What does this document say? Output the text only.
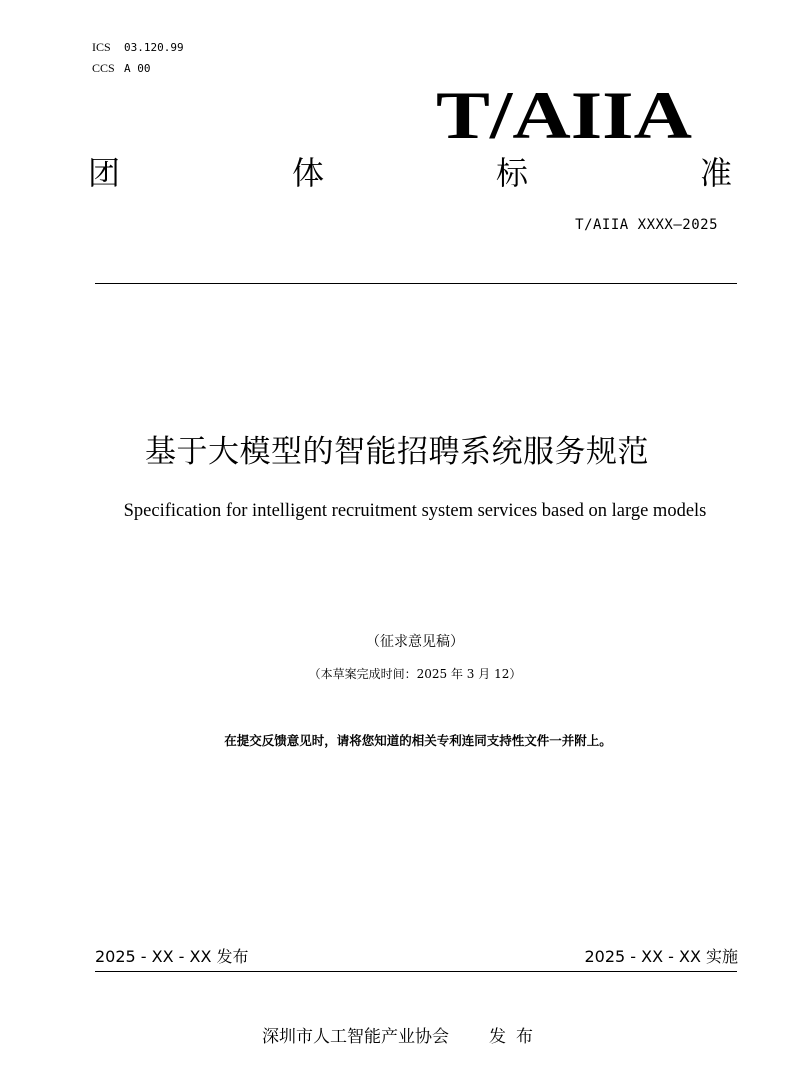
ICS 03.120.99
CCS A 00
T/AIIA
团	体	标	准
T/AIIA XXXX—2025
基于大模型的智能招聘系统服务规范
Specification for intelligent recruitment system services based on large models
（征求意见稿）
（本草案完成时间：2025 年 3 月 12）
在提交反馈意见时，请将您知道的相关专利连同支持性文件一并附上。
2025 - XX - XX 发布	2025 - XX - XX 实施
深圳市人工智能产业协会 发布
